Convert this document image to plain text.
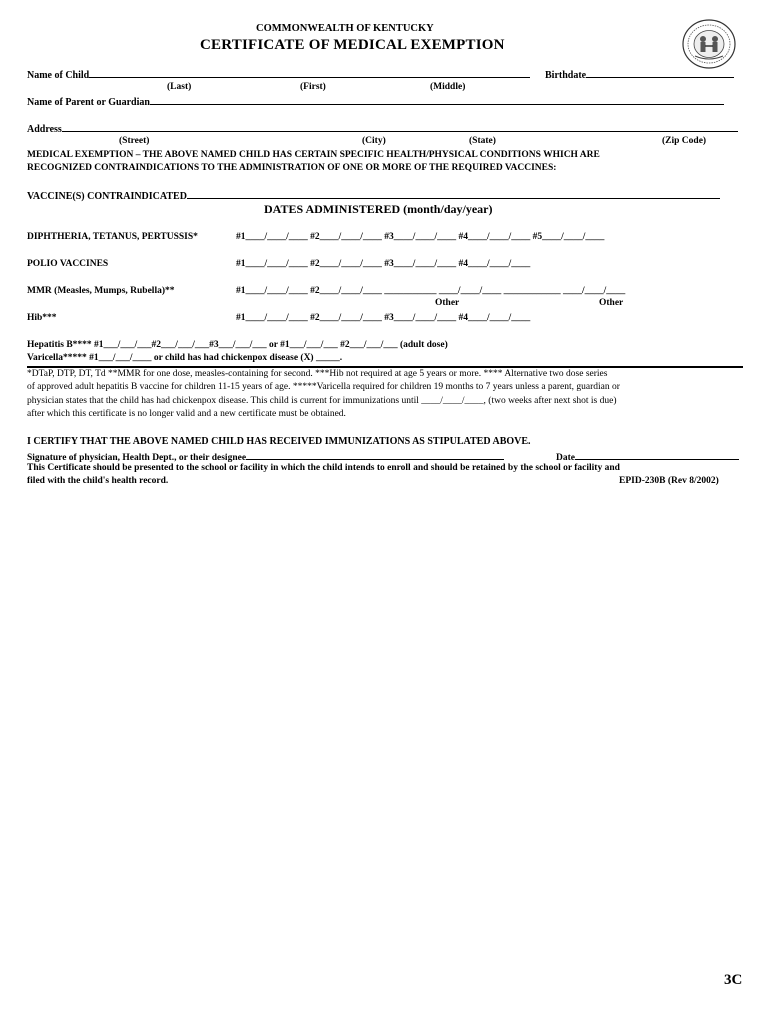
COMMONWEALTH OF KENTUCKY
CERTIFICATE OF MEDICAL EXEMPTION
Name of Child	Birthdate
(Last)	(First)	(Middle)
Name of Parent or Guardian
Address
(Street)	(City)	(State)	(Zip Code)
MEDICAL EXEMPTION – THE ABOVE NAMED CHILD HAS CERTAIN SPECIFIC HEALTH/PHYSICAL CONDITIONS WHICH ARE
RECOGNIZED CONTRAINDICATIONS TO THE ADMINISTRATION OF ONE OR MORE OF THE REQUIRED VACCINES:
VACCINE(S) CONTRAINDICATED
DATES ADMINISTERED (month/day/year)
DIPHTHERIA, TETANUS, PERTUSSIS*	#1____/____/____ #2____/____/____ #3____/____/____ #4____/____/____ #5____/____/____
POLIO VACCINES	#1____/____/____ #2____/____/____ #3____/____/____ #4____/____/____
MMR (Measles, Mumps, Rubella)**	#1____/____/____ #2____/____/____ ___________ ____/____/____ ____________ ____/____/____
Other	Other
Hib***	#1____/____/____ #2____/____/____ #3____/____/____ #4____/____/____
Hepatitis B**** #1___/___/___#2___/___/___#3___/___/___ or #1___/___/___ #2___/___/___ (adult dose)
Varicella***** #1___/___/____ or child has had chickenpox disease (X) _____.
*DTaP, DTP, DT, Td **MMR for one dose, measles-containing for second. ***Hib not required at age 5 years or more. **** Alternative two dose series
of approved adult hepatitis B vaccine for children 11-15 years of age. *****Varicella required for children 19 months to 7 years unless a parent, guardian or
physician states that the child has had chickenpox disease. This child is current for immunizations until ____/____/____, (two weeks after next shot is due)
after which this certificate is no longer valid and a new certificate must be obtained.
I CERTIFY THAT THE ABOVE NAMED CHILD HAS RECEIVED IMMUNIZATIONS AS STIPULATED ABOVE.
Signature of physician, Health Dept., or their designee	Date
This Certificate should be presented to the school or facility in which the child intends to enroll and should be retained by the school or facility and
filed with the child's health record.	EPID-230B (Rev 8/2002)
3C
